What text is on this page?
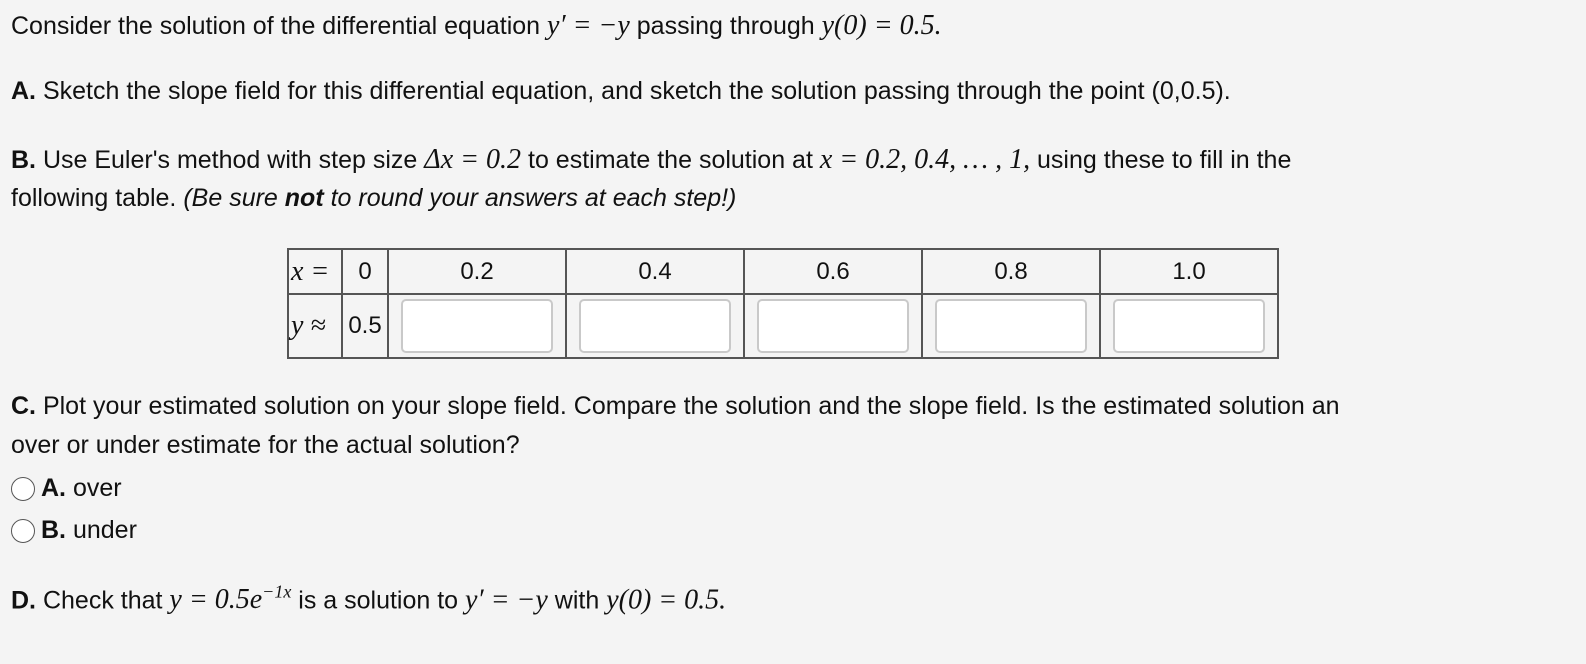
Consider the solution of the differential equation y′ = −y passing through y(0) = 0.5.
A. Sketch the slope field for this differential equation, and sketch the solution passing through the point (0,0.5).
B. Use Euler's method with step size Δx = 0.2 to estimate the solution at x = 0.2, 0.4, … , 1, using these to fill in the
following table. (Be sure not to round your answers at each step!)
x =	0	0.2	0.4	0.6	0.8	1.0
y ≈	0.5	

C. Plot your estimated solution on your slope field. Compare the solution and the slope field. Is the estimated solution an
over or under estimate for the actual solution?
A.
over
B.
under
D. Check that $y = 0.5e^{-1x}$ is a solution to y′ = −y with y(0) = 0.5.
